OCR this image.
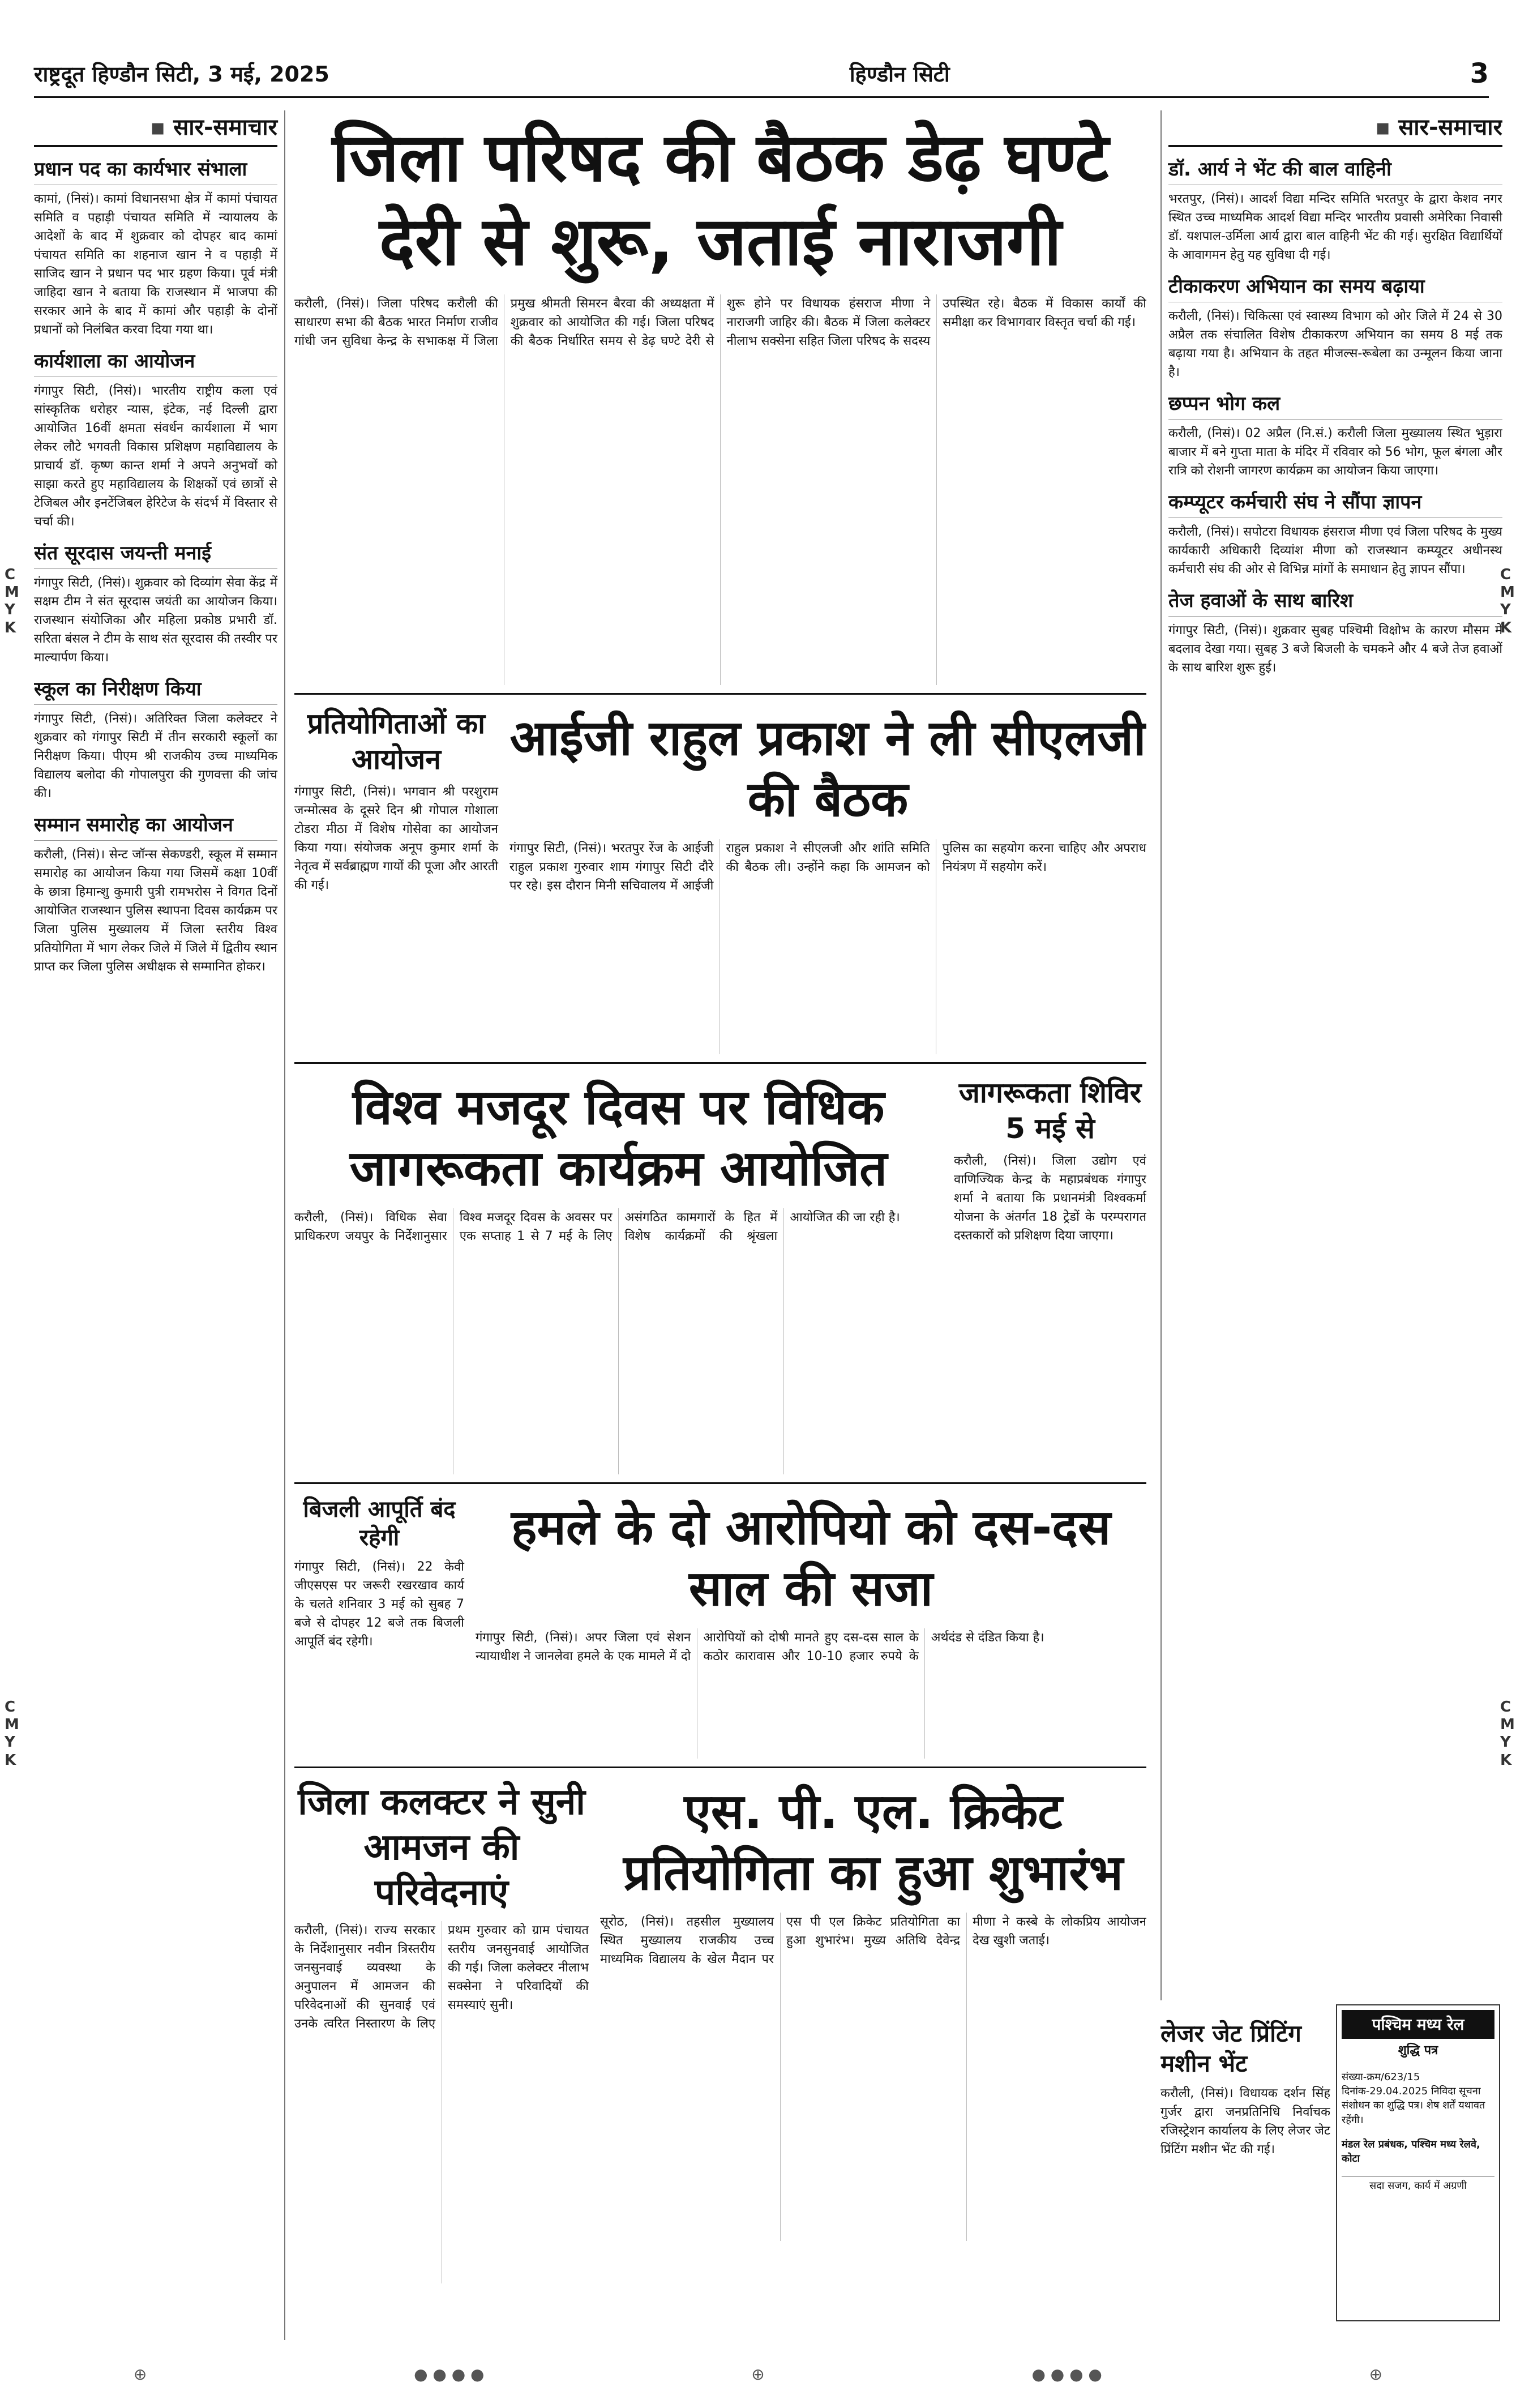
राष्ट्रदूत हिण्डौन सिटी, 3 मई, 2025	हिण्डौन सिटी	3
▪ सार-समाचार
प्रधान पद का कार्यभार संभाला

कामां, (निसं)। कामां विधानसभा क्षेत्र में कामां पंचायत समिति व पहाड़ी पंचायत समिति में न्यायालय के आदेशों के बाद में शुक्रवार को दोपहर बाद कामां पंचायत समिति का शहनाज खान ने व पहाड़ी में साजिद खान ने प्रधान पद भार ग्रहण किया। पूर्व मंत्री जाहिदा खान ने बताया कि राजस्थान में भाजपा की सरकार आने के बाद में कामां और पहाड़ी के दोनों प्रधानों को निलंबित करवा दिया गया था।

कार्यशाला का आयोजन

गंगापुर सिटी, (निसं)। भारतीय राष्ट्रीय कला एवं सांस्कृतिक धरोहर न्यास, इंटेक, नई दिल्ली द्वारा आयोजित 16वीं क्षमता संवर्धन कार्यशाला में भाग लेकर लौटे भगवती विकास प्रशिक्षण महाविद्यालय के प्राचार्य डॉ. कृष्ण कान्त शर्मा ने अपने अनुभवों को साझा करते हुए महाविद्यालय के शिक्षकों एवं छात्रों से टेजिबल और इनटेंजिबल हेरिटेज के संदर्भ में विस्तार से चर्चा की।

संत सूरदास जयन्ती मनाई

गंगापुर सिटी, (निसं)। शुक्रवार को दिव्यांग सेवा केंद्र में सक्षम टीम ने संत सूरदास जयंती का आयोजन किया। राजस्थान संयोजिका और महिला प्रकोष्ठ प्रभारी डॉ. सरिता बंसल ने टीम के साथ संत सूरदास की तस्वीर पर माल्यार्पण किया।

स्कूल का निरीक्षण किया

गंगापुर सिटी, (निसं)। अतिरिक्त जिला कलेक्टर ने शुक्रवार को गंगापुर सिटी में तीन सरकारी स्कूलों का निरीक्षण किया। पीएम श्री राजकीय उच्च माध्यमिक विद्यालय बलोदा की गोपालपुरा की गुणवत्ता की जांच की।

सम्मान समारोह का आयोजन

करौली, (निसं)। सेन्ट जॉन्स सेकण्डरी, स्कूल में सम्मान समारोह का आयोजन किया गया जिसमें कक्षा 10वीं के छात्रा हिमान्शु कुमारी पुत्री रामभरोस ने विगत दिनों आयोजित राजस्थान पुलिस स्थापना दिवस कार्यक्रम पर जिला पुलिस मुख्यालय में जिला स्तरीय विश्व प्रतियोगिता में भाग लेकर जिले में जिले में द्वितीय स्थान प्राप्त कर जिला पुलिस अधीक्षक से सम्मानित होकर।

जिला परिषद की बैठक डेढ़ घण्टे देरी से शुरू, जताई नाराजगी
करौली, (निसं)। जिला परिषद करौली की साधारण सभा की बैठक भारत निर्माण राजीव गांधी जन सुविधा केन्द्र के सभाकक्ष में जिला प्रमुख श्रीमती सिमरन बैरवा की अध्यक्षता में शुक्रवार को आयोजित की गई। जिला परिषद की बैठक निर्धारित समय से डेढ़ घण्टे देरी से शुरू होने पर विधायक हंसराज मीणा ने नाराजगी जाहिर की। बैठक में जिला कलेक्टर नीलाभ सक्सेना सहित जिला परिषद के सदस्य उपस्थित रहे। बैठक में विकास कार्यों की समीक्षा कर विभागवार विस्तृत चर्चा की गई।
प्रतियोगिताओं का आयोजन

गंगापुर सिटी, (निसं)। भगवान श्री परशुराम जन्मोत्सव के दूसरे दिन श्री गोपाल गोशाला टोडरा मीठा में विशेष गोसेवा का आयोजन किया गया। संयोजक अनूप कुमार शर्मा के नेतृत्व में सर्वब्राह्मण गायों की पूजा और आरती की गई।

आईजी राहुल प्रकाश ने ली सीएलजी की बैठक
गंगापुर सिटी, (निसं)। भरतपुर रेंज के आईजी राहुल प्रकाश गुरुवार शाम गंगापुर सिटी दौरे पर रहे। इस दौरान मिनी सचिवालय में आईजी राहुल प्रकाश ने सीएलजी और शांति समिति की बैठक ली। उन्होंने कहा कि आमजन को पुलिस का सहयोग करना चाहिए और अपराध नियंत्रण में सहयोग करें।
विश्व मजदूर दिवस पर विधिक जागरूकता कार्यक्रम आयोजित
करौली, (निसं)। विधिक सेवा प्राधिकरण जयपुर के निर्देशानुसार विश्व मजदूर दिवस के अवसर पर एक सप्ताह 1 से 7 मई के लिए असंगठित कामगारों के हित में विशेष कार्यक्रमों की श्रृंखला आयोजित की जा रही है।
जागरूकता शिविर 5 मई से

करौली, (निसं)। जिला उद्योग एवं वाणिज्यिक केन्द्र के महाप्रबंधक गंगापुर शर्मा ने बताया कि प्रधानमंत्री विश्वकर्मा योजना के अंतर्गत 18 ट्रेडों के परम्परागत दस्तकारों को प्रशिक्षण दिया जाएगा।

बिजली आपूर्ति बंद रहेगी

गंगापुर सिटी, (निसं)। 22 केवी जीएसएस पर जरूरी रखरखाव कार्य के चलते शनिवार 3 मई को सुबह 7 बजे से दोपहर 12 बजे तक बिजली आपूर्ति बंद रहेगी।

हमले के दो आरोपियो को दस-दस साल की सजा
गंगापुर सिटी, (निसं)। अपर जिला एवं सेशन न्यायाधीश ने जानलेवा हमले के एक मामले में दो आरोपियों को दोषी मानते हुए दस-दस साल के कठोर कारावास और 10-10 हजार रुपये के अर्थदंड से दंडित किया है।
जिला कलक्टर ने सुनी आमजन की परिवेदनाएं
करौली, (निसं)। राज्य सरकार के निर्देशानुसार नवीन त्रिस्तरीय जनसुनवाई व्यवस्था के अनुपालन में आमजन की परिवेदनाओं की सुनवाई एवं उनके त्वरित निस्तारण के लिए प्रथम गुरुवार को ग्राम पंचायत स्तरीय जनसुनवाई आयोजित की गई। जिला कलेक्टर नीलाभ सक्सेना ने परिवादियों की समस्याएं सुनी।
एस. पी. एल. क्रिकेट प्रतियोगिता का हुआ शुभारंभ
सूरोठ, (निसं)। तहसील मुख्यालय स्थित मुख्यालय राजकीय उच्च माध्यमिक विद्यालय के खेल मैदान पर एस पी एल क्रिकेट प्रतियोगिता का हुआ शुभारंभ। मुख्य अतिथि देवेन्द्र मीणा ने कस्बे के लोकप्रिय आयोजन देख खुशी जताई।
▪ सार-समाचार
डॉ. आर्य ने भेंट की बाल वाहिनी

भरतपुर, (निसं)। आदर्श विद्या मन्दिर समिति भरतपुर के द्वारा केशव नगर स्थित उच्च माध्यमिक आदर्श विद्या मन्दिर भारतीय प्रवासी अमेरिका निवासी डॉ. यशपाल-उर्मिला आर्य द्वारा बाल वाहिनी भेंट की गई। सुरक्षित विद्यार्थियों के आवागमन हेतु यह सुविधा दी गई।

टीकाकरण अभियान का समय बढ़ाया

करौली, (निसं)। चिकित्सा एवं स्वास्थ्य विभाग को ओर जिले में 24 से 30 अप्रैल तक संचालित विशेष टीकाकरण अभियान का समय 8 मई तक बढ़ाया गया है। अभियान के तहत मीजल्स-रूबेला का उन्मूलन किया जाना है।

छप्पन भोग कल

करौली, (निसं)। 02 अप्रैल (नि.सं.) करौली जिला मुख्यालय स्थित भुड़ारा बाजार में बने गुप्ता माता के मंदिर में रविवार को 56 भोग, फूल बंगला और रात्रि को रोशनी जागरण कार्यक्रम का आयोजन किया जाएगा।

कम्प्यूटर कर्मचारी संघ ने सौंपा ज्ञापन

करौली, (निसं)। सपोटरा विधायक हंसराज मीणा एवं जिला परिषद के मुख्य कार्यकारी अधिकारी दिव्यांश मीणा को राजस्थान कम्प्यूटर अधीनस्थ कर्मचारी संघ की ओर से विभिन्न मांगों के समाधान हेतु ज्ञापन सौंपा।

तेज हवाओं के साथ बारिश

गंगापुर सिटी, (निसं)। शुक्रवार सुबह पश्चिमी विक्षोभ के कारण मौसम में बदलाव देखा गया। सुबह 3 बजे बिजली के चमकने और 4 बजे तेज हवाओं के साथ बारिश शुरू हुई।

लेजर जेट प्रिंटिंग मशीन भेंट

करौली, (निसं)। विधायक दर्शन सिंह गुर्जर द्वारा जनप्रतिनिधि निर्वाचक रजिस्ट्रेशन कार्यालय के लिए लेजर जेट प्रिंटिंग मशीन भेंट की गई।

पश्चिम मध्य रेल
शुद्धि पत्र

संख्या-क्रम/623/15 दिनांक-29.04.2025 निविदा सूचना संशोधन का शुद्धि पत्र। शेष शर्तें यथावत रहेंगी।

मंडल रेल प्रबंधक, पश्चिम मध्य रेलवे, कोटा

सदा सजग, कार्य में अग्रणी

C
M
Y
K
C
M
Y
K
C
M
Y
K
C
M
Y
K
⊕	● ● ● ●	⊕	● ● ● ●	⊕
